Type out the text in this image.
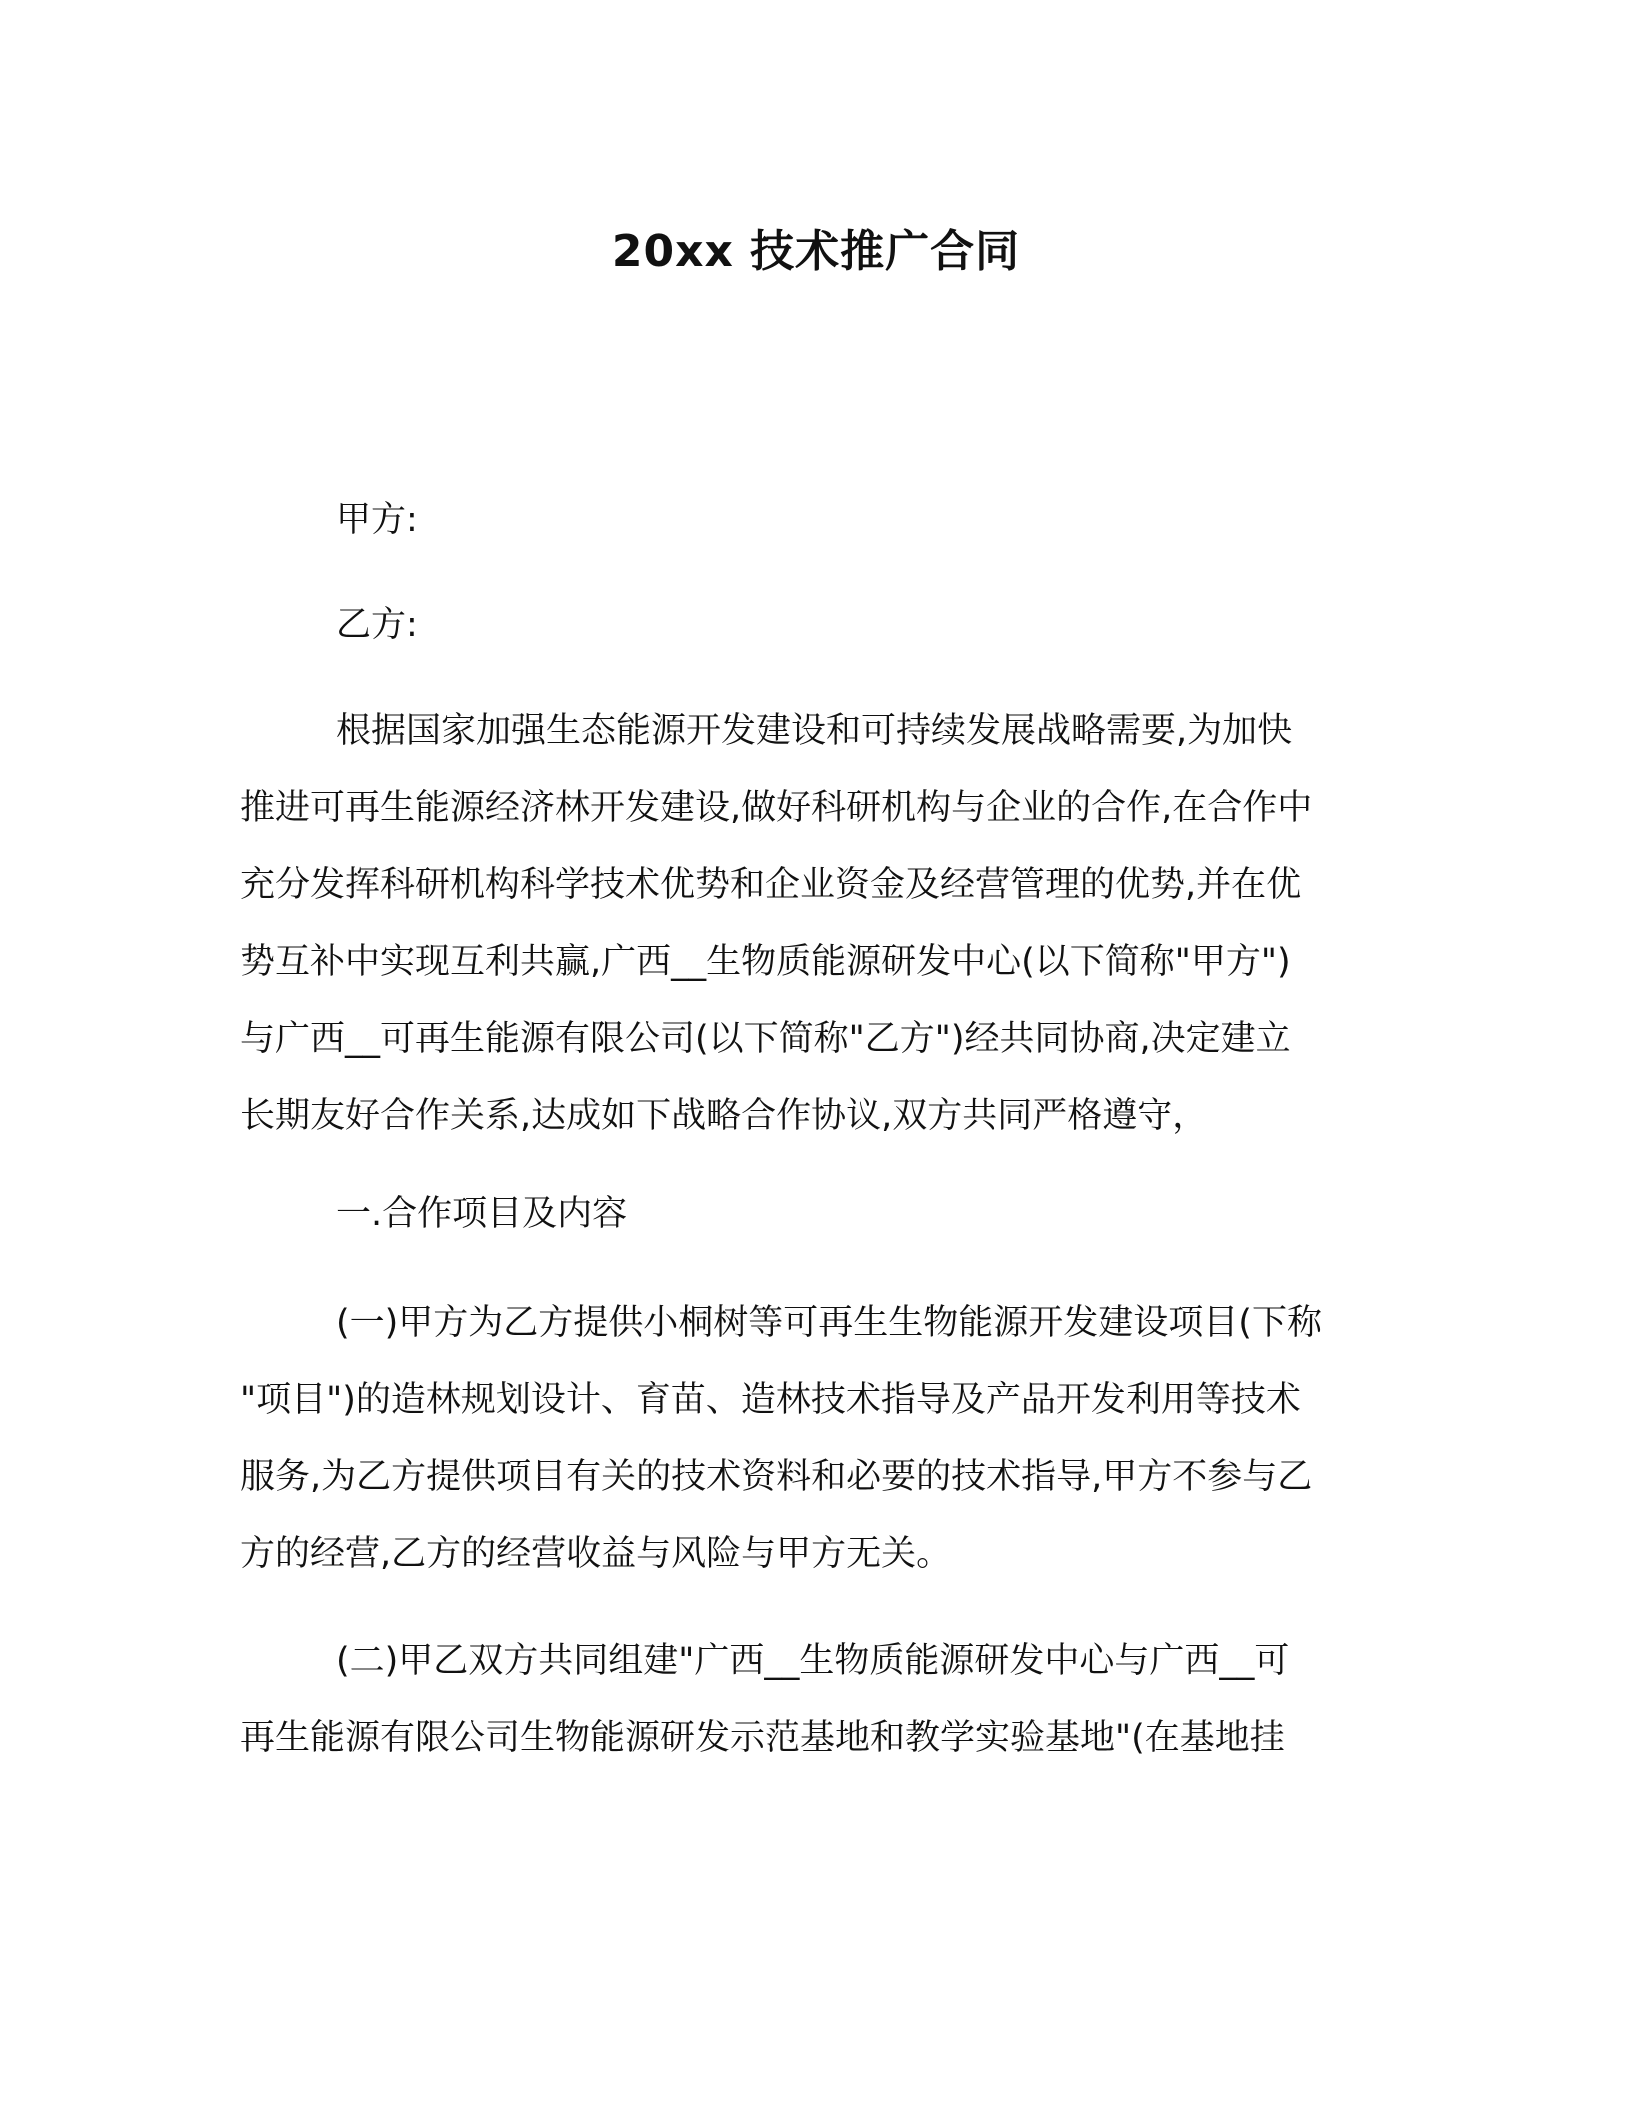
20xx 技术推广合同
甲方:
乙方:
根据国家加强生态能源开发建设和可持续发展战略需要,为加快
推进可再生能源经济林开发建设,做好科研机构与企业的合作,在合作中
充分发挥科研机构科学技术优势和企业资金及经营管理的优势,并在优
势互补中实现互利共赢,广西__生物质能源研发中心(以下简称"甲方")
与广西__可再生能源有限公司(以下简称"乙方")经共同协商,决定建立
长期友好合作关系,达成如下战略合作协议,双方共同严格遵守，
一.合作项目及内容
(一)甲方为乙方提供小桐树等可再生生物能源开发建设项目(下称
"项目")的造林规划设计、育苗、造林技术指导及产品开发利用等技术
服务,为乙方提供项目有关的技术资料和必要的技术指导,甲方不参与乙
方的经营,乙方的经营收益与风险与甲方无关。
(二)甲乙双方共同组建"广西__生物质能源研发中心与广西__可
再生能源有限公司生物能源研发示范基地和教学实验基地"(在基地挂
